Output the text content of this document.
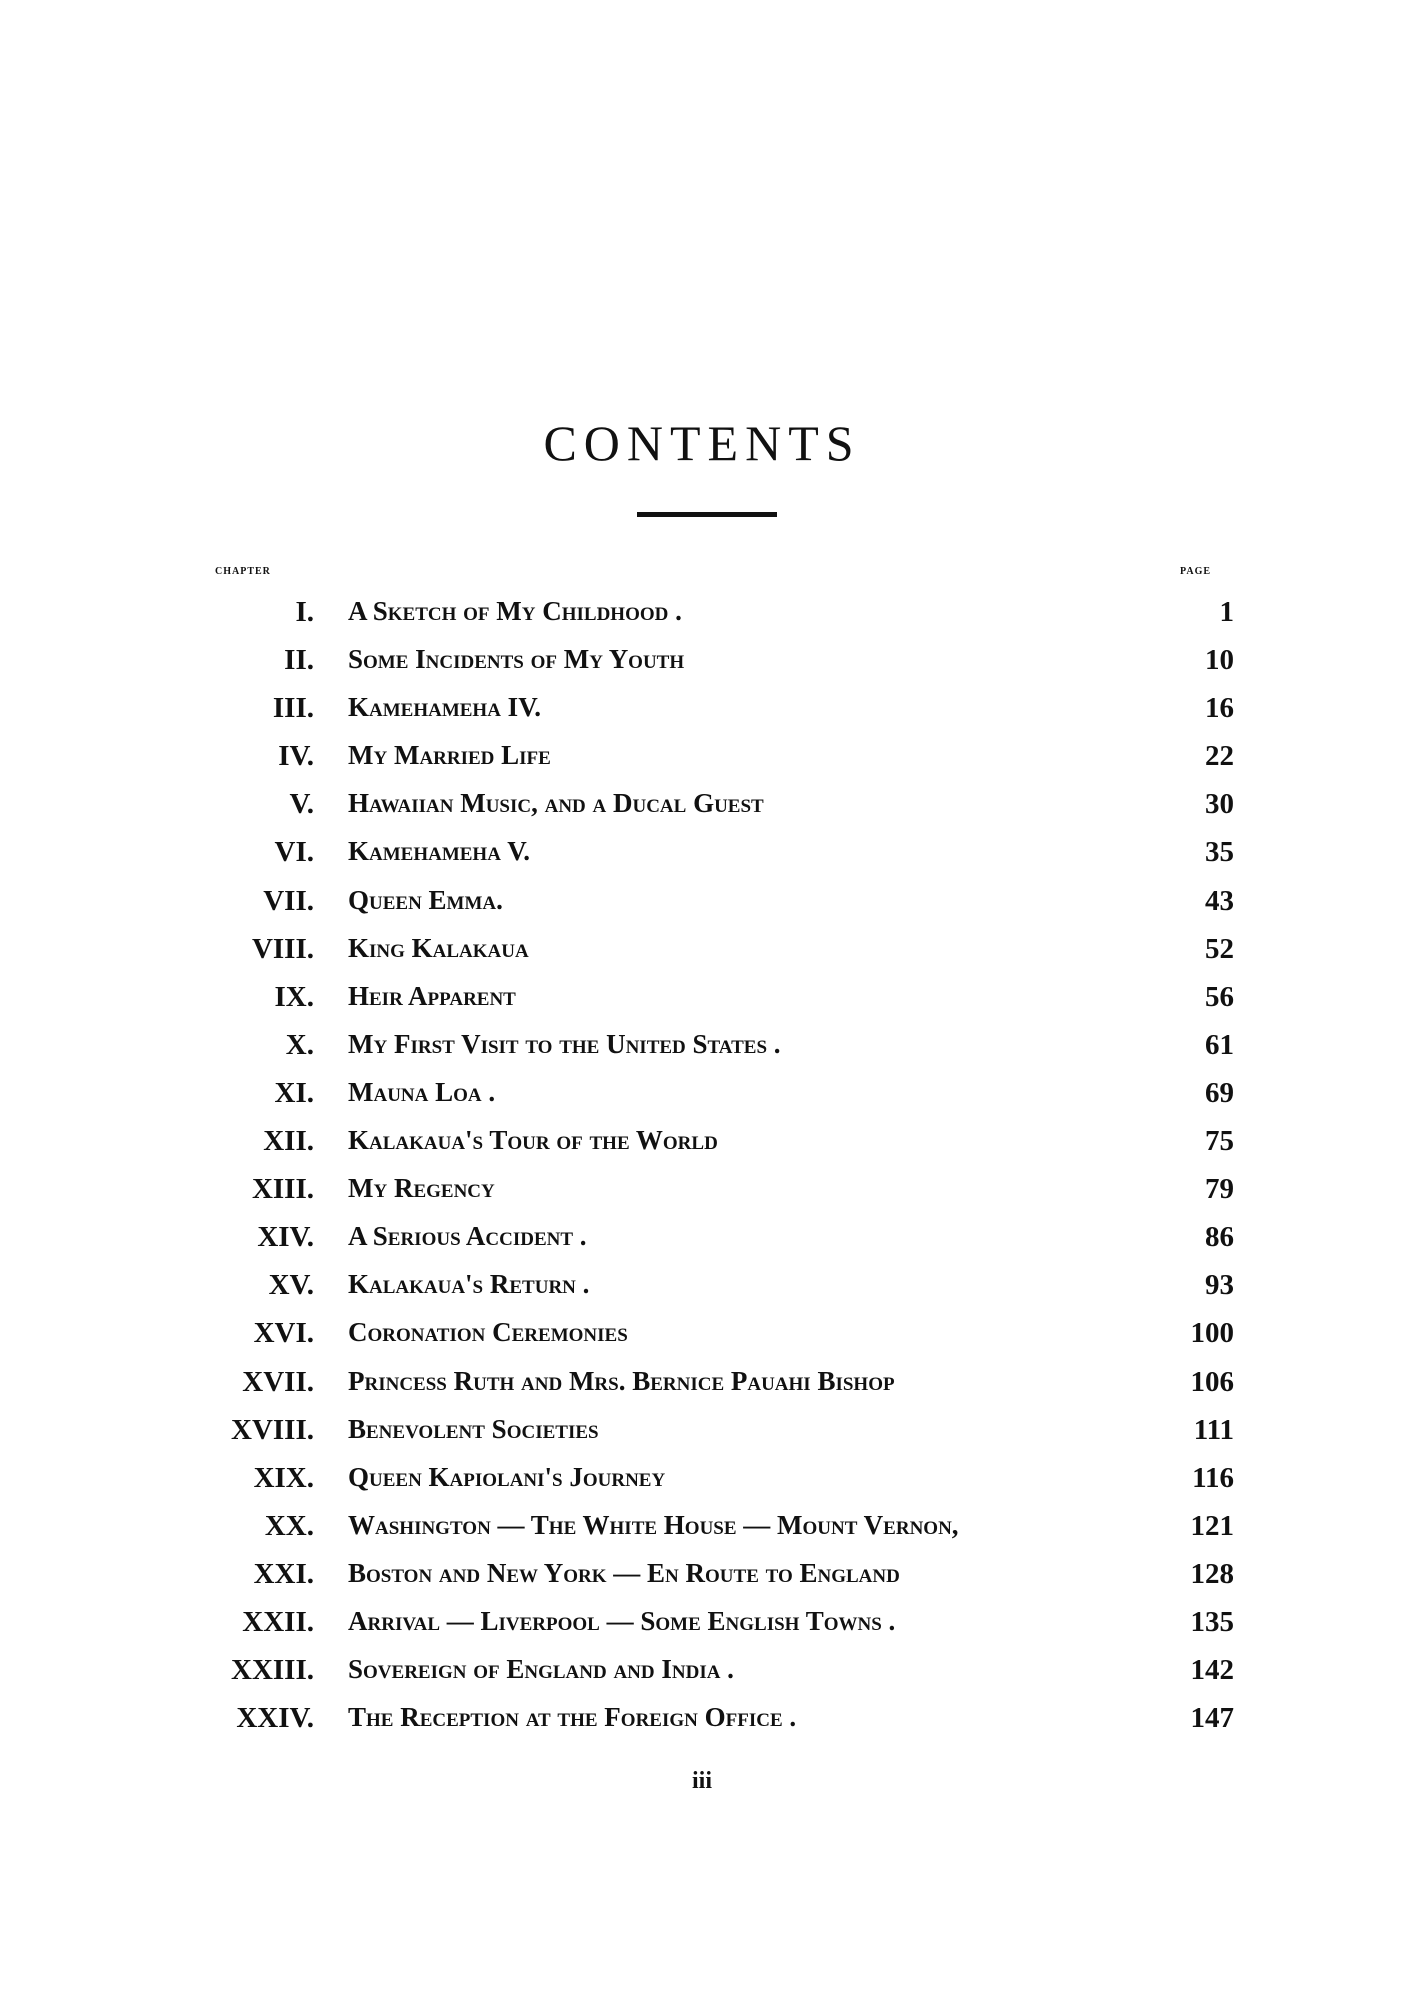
CONTENTS
chapter	page
I. A Sketch of My Childhood .	1
II. Some Incidents of My Youth	10
III. Kamehameha IV.	16
IV. My Married Life	22
V. Hawaiian Music, and a Ducal Guest	30
VI. Kamehameha V.	35
VII. Queen Emma.	43
VIII. King Kalakaua	52
IX. Heir Apparent	56
X. My First Visit to the United States .	61
XI. Mauna Loa .	69
XII. Kalakaua's Tour of the World	75
XIII. My Regency	79
XIV. A Serious Accident .	86
XV. Kalakaua's Return .	93
XVI. Coronation Ceremonies	100
XVII. Princess Ruth and Mrs. Bernice Pauahi Bishop	106
XVIII. Benevolent Societies	111
XIX. Queen Kapiolani's Journey	116
XX. Washington — The White House — Mount Vernon,	121
XXI. Boston and New York — En Route to England	128
XXII. Arrival — Liverpool — Some English Towns .	135
XXIII. Sovereign of England and India .	142
XXIV. The Reception at the Foreign Office .	147
iii
